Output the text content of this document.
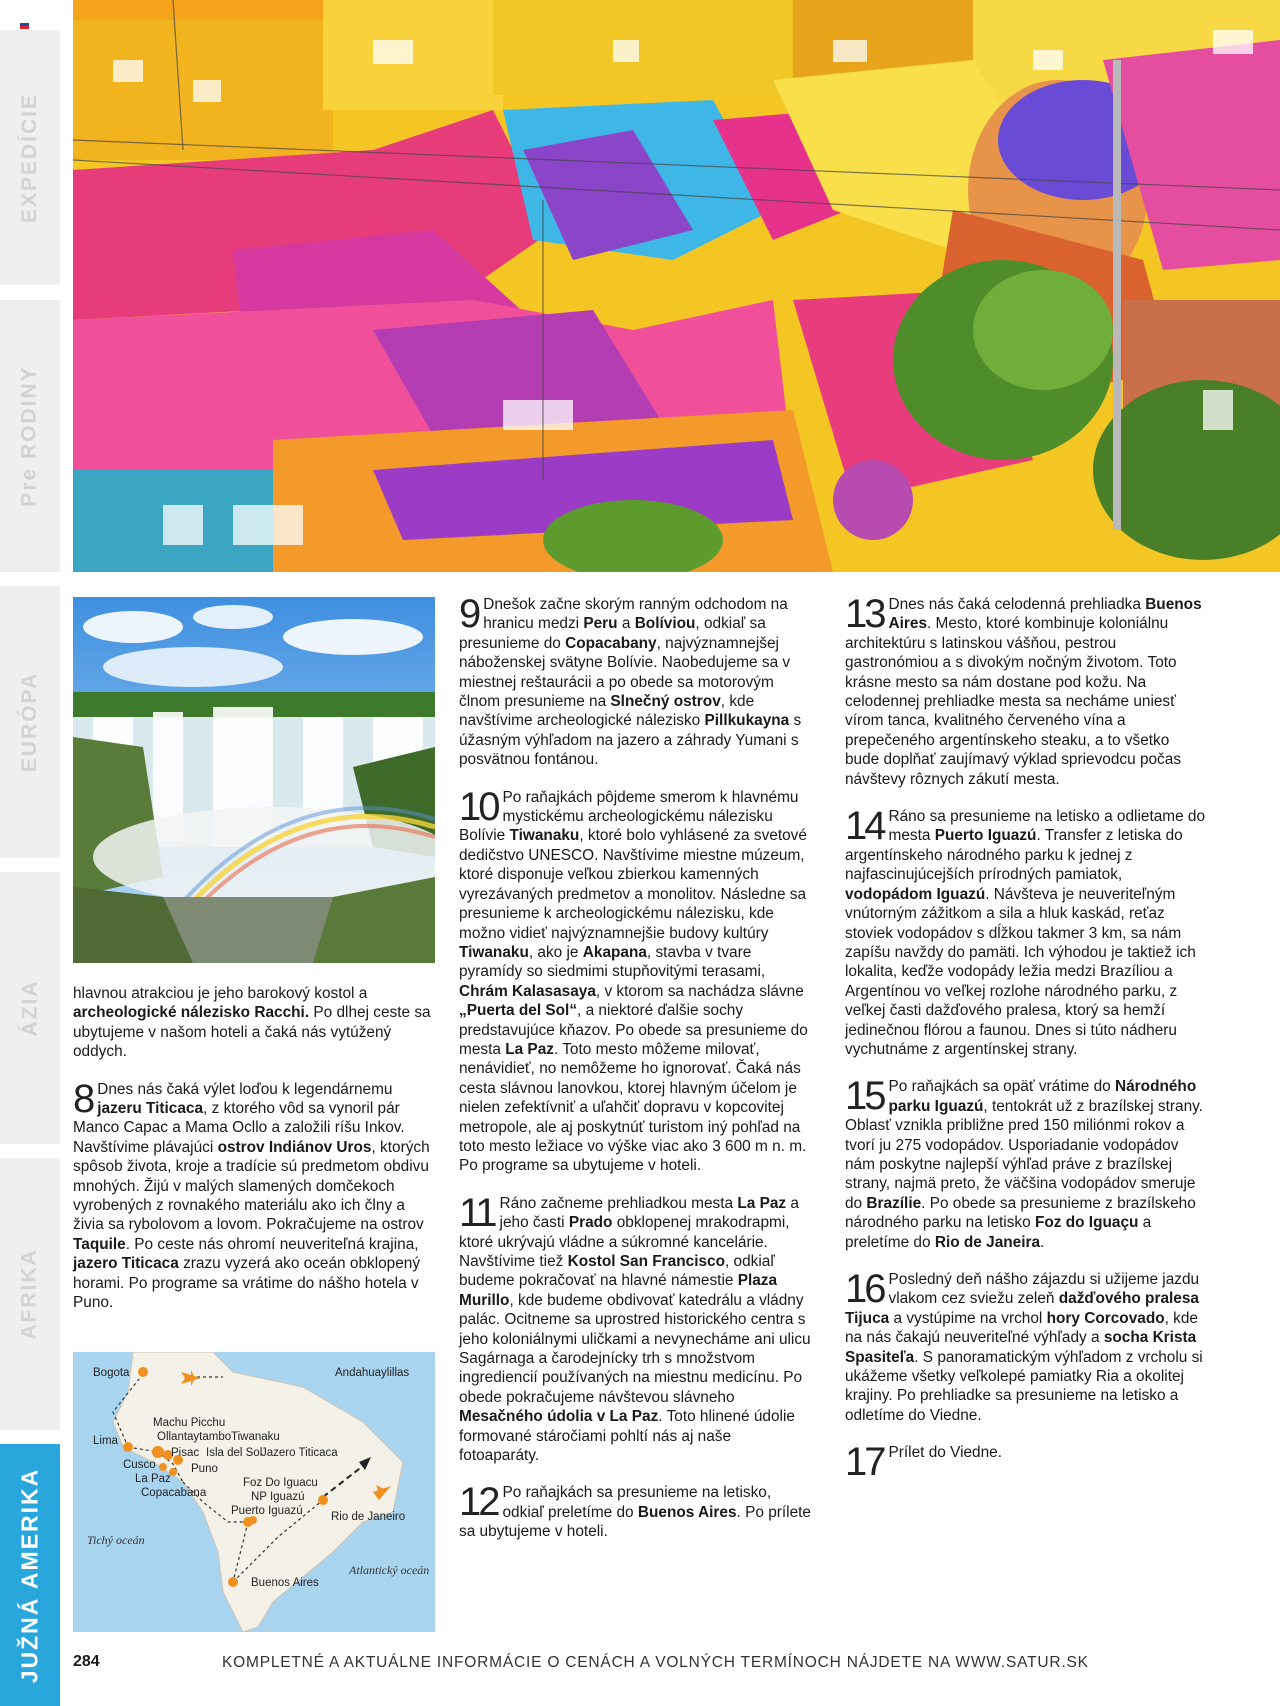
EXPEDÍCIE
Pre RODINY
EURÓPA
ÁZIA
AFRIKA
JUŽNÁ AMERIKA

hlavnou atrakciou je jeho barokový kostol a archeologické nálezisko Racchi. Po dlhej ceste sa ubytujeme v našom hoteli a čaká nás vytúžený oddych.

8 Dnes nás čaká výlet loďou k legendárnemu jazeru Titicaca, z ktorého vôd sa vynoril pár Manco Capac a Mama Ocllo a založili ríšu Inkov. Navštívime plávajúci ostrov Indiánov Uros, ktorých spôsob života, kroje a tradície sú predmetom obdivu mnohých. Žijú v malých slamených domčekoch vyrobených z rovnakého materiálu ako ich člny a živia sa rybolovom a lovom. Pokračujeme na ostrov Taquile. Po ceste nás ohromí neuveriteľná krajina, jazero Titicaca zrazu vyzerá ako oceán obklopený horami. Po programe sa vrátime do nášho hotela v Puno.

Bogota	Andahuaylillas
Machu Picchu
Ollantaytambo Tiwanaku
Lima
Pisac Isla del Sol
Jazero Titicaca
Cusco	Puno
La Paz	Foz Do Iguacu
Copacabana	NP Iguazú
Rio de Janeiro
Puerto Iguazú
Tichý oceán
Atlantický oceán
Buenos Aires

9 Dnešok začne skorým ranným odchodom na hranicu medzi Peru a Bolíviou, odkiaľ sa presunieme do Copacabany, najvýznamnejšej náboženskej svätyne Bolívie. Naobedujeme sa v miestnej reštaurácii a po obede sa motorovým člnom presunieme na Slnečný ostrov, kde navštívime archeologické nálezisko Pillkukayna s úžasným výhľadom na jazero a záhrady Yumani s posvätnou fontánou.

10 Po raňajkách pôjdeme smerom k hlavnému mystickému archeologickému nálezisku Bolívie Tiwanaku, ktoré bolo vyhlásené za svetové dedičstvo UNESCO. Navštívime miestne múzeum, ktoré disponuje veľkou zbierkou kamenných vyrezávaných predmetov a monolitov. Následne sa presunieme k archeologickému nálezisku, kde možno vidieť najvýznamnejšie budovy kultúry Tiwanaku, ako je Akapana, stavba v tvare pyramídy so siedmimi stupňovitými terasami, Chrám Kalasasaya, v ktorom sa nachádza slávne „Puerta del Sol“, a niektoré ďalšie sochy predstavujúce kňazov. Po obede sa presunieme do mesta La Paz. Toto mesto môžeme milovať, nenávidieť, no nemôžeme ho ignorovať. Čaká nás cesta slávnou lanovkou, ktorej hlavným účelom je nielen zefektívniť a uľahčiť dopravu v kopcovitej metropole, ale aj poskytnúť turistom iný pohľad na toto mesto ležiace vo výške viac ako 3 600 m n. m. Po programe sa ubytujeme v hoteli.

11 Ráno začneme prehliadkou mesta La Paz a jeho časti Prado obklopenej mrakodrapmi, ktoré ukrývajú vládne a súkromné kancelárie. Navštívime tiež Kostol San Francisco, odkiaľ budeme pokračovať na hlavné námestie Plaza Murillo, kde budeme obdivovať katedrálu a vládny palác. Ocitneme sa uprostred historického centra s jeho koloniálnymi uličkami a nevynecháme ani ulicu Sagárnaga a čarodejnícky trh s množstvom ingrediencií používaných na miestnu medicínu. Po obede pokračujeme návštevou slávneho Mesačného údolia v La Paz. Toto hlinené údolie formované stáročiami pohltí nás aj naše fotoaparáty.

12 Po raňajkách sa presunieme na letisko, odkiaľ preletíme do Buenos Aires. Po prílete sa ubytujeme v hoteli.

13 Dnes nás čaká celodenná prehliadka Buenos Aires. Mesto, ktoré kombinuje koloniálnu architektúru s latinskou vášňou, pestrou gastronómiou a s divokým nočným životom. Toto krásne mesto sa nám dostane pod kožu. Na celodennej prehliadke mesta sa necháme uniesť vírom tanca, kvalitného červeného vína a prepečeného argentínskeho steaku, a to všetko bude doplňať zaujímavý výklad sprievodcu počas návštevy rôznych zákutí mesta.

14 Ráno sa presunieme na letisko a odlietame do mesta Puerto Iguazú. Transfer z letiska do argentínskeho národného parku k jednej z najfascinujúcejších prírodných pamiatok, vodopádom Iguazú. Návšteva je neuveriteľným vnútorným zážitkom a sila a hluk kaskád, reťaz stoviek vodopádov s dĺžkou takmer 3 km, sa nám zapíšu navždy do pamäti. Ich výhodou je taktiež ich lokalita, keďže vodopády ležia medzi Brazíliou a Argentínou vo veľkej rozlohe národného parku, z veľkej časti dažďového pralesa, ktorý sa hemží jedinečnou flórou a faunou. Dnes si túto nádheru vychutnáme z argentínskej strany.

15 Po raňajkách sa opäť vrátime do Národného parku Iguazú, tentokrát už z brazílskej strany. Oblasť vznikla približne pred 150 miliónmi rokov a tvorí ju 275 vodopádov. Usporiadanie vodopádov nám poskytne najlepší výhľad práve z brazílskej strany, najmä preto, že väčšina vodopádov smeruje do Brazílie. Po obede sa presunieme z brazílskeho národného parku na letisko Foz do Iguaçu a preletíme do Rio de Janeira.

16 Posledný deň nášho zájazdu si užijeme jazdu vlakom cez sviežu zeleň dažďového pralesa Tijuca a vystúpime na vrchol hory Corcovado, kde na nás čakajú neuveriteľné výhľady a socha Krista Spasiteľa. S panoramatickým výhľadom z vrcholu si ukážeme všetky veľkolepé pamiatky Ria a okolitej krajiny. Po prehliadke sa presunieme na letisko a odletíme do Viedne.

17 Prílet do Viedne.

284	KOMPLETNÉ A AKTUÁLNE INFORMÁCIE O CENÁCH A VOLNÝCH TERMÍNOCH NÁJDETE NA WWW.SATUR.SK
